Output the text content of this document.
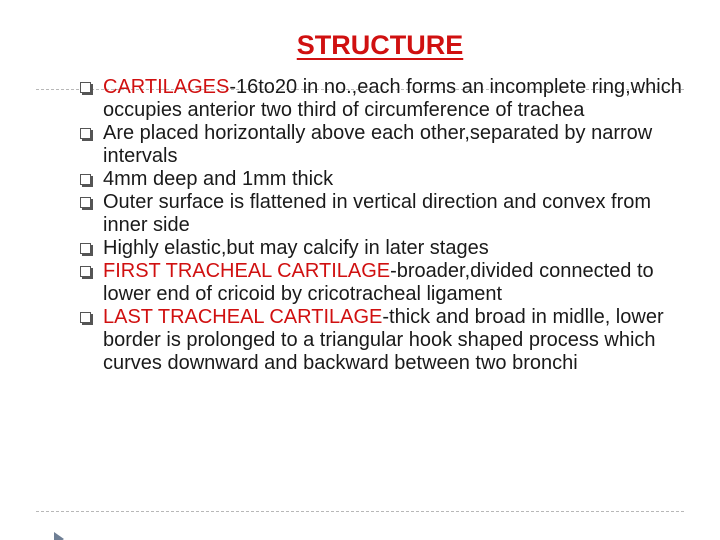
STRUCTURE
CARTILAGES-16to20 in no.,each forms an incomplete ring,which occupies anterior two third of circumference of trachea
Are placed horizontally above each other,separated by narrow intervals
4mm deep and 1mm thick
Outer surface is flattened in vertical direction and convex from inner side
Highly elastic,but may calcify in later stages
FIRST TRACHEAL CARTILAGE-broader,divided connected to lower end of cricoid by cricotracheal ligament
LAST TRACHEAL CARTILAGE-thick and broad in midlle, lower border is prolonged to a triangular hook shaped process which curves downward and backward between two bronchi
